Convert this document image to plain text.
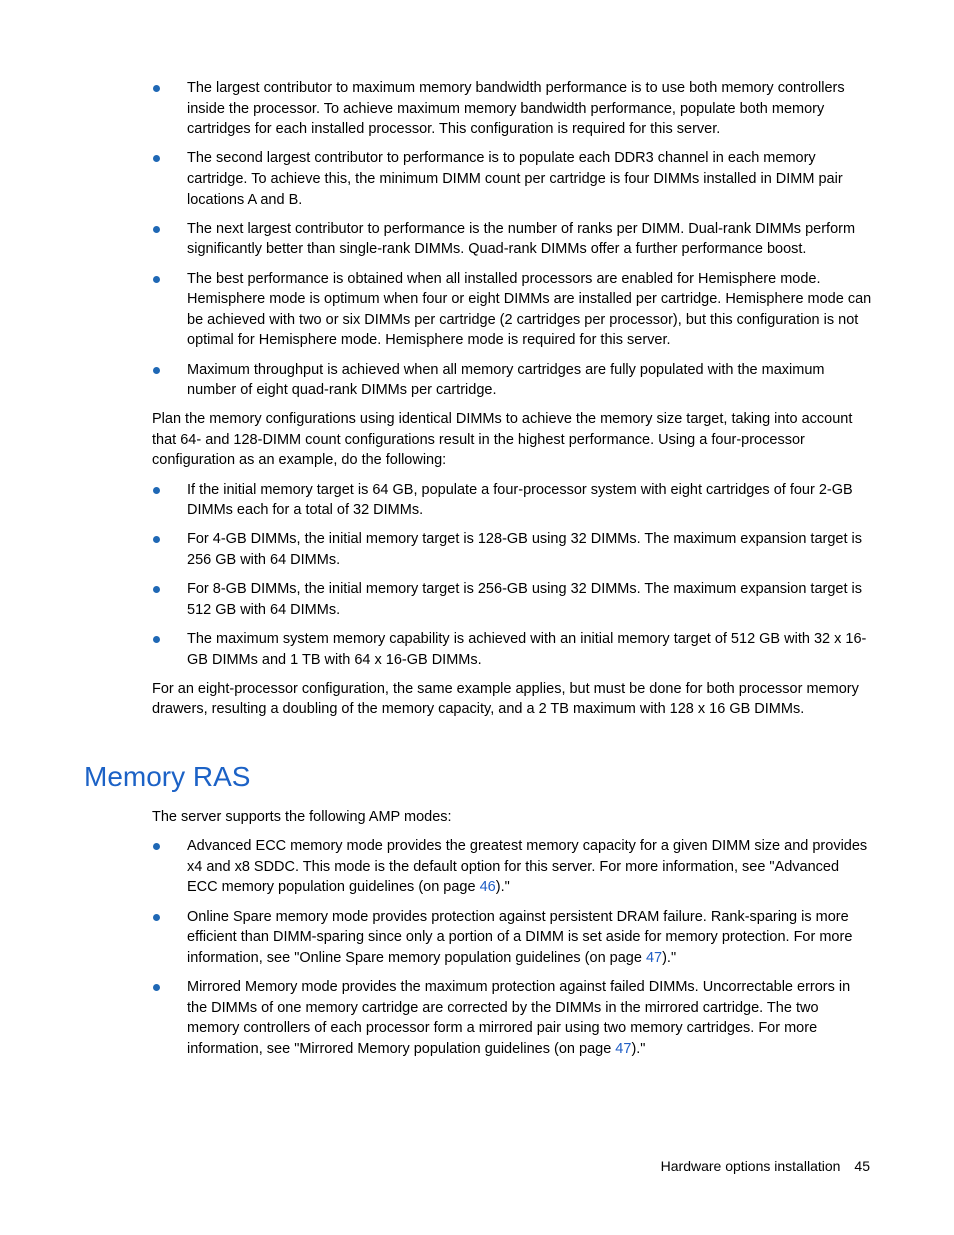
The largest contributor to maximum memory bandwidth performance is to use both memory controllers inside the processor. To achieve maximum memory bandwidth performance, populate both memory cartridges for each installed processor. This configuration is required for this server.
The second largest contributor to performance is to populate each DDR3 channel in each memory cartridge. To achieve this, the minimum DIMM count per cartridge is four DIMMs installed in DIMM pair locations A and B.
The next largest contributor to performance is the number of ranks per DIMM. Dual-rank DIMMs perform significantly better than single-rank DIMMs. Quad-rank DIMMs offer a further performance boost.
The best performance is obtained when all installed processors are enabled for Hemisphere mode. Hemisphere mode is optimum when four or eight DIMMs are installed per cartridge. Hemisphere mode can be achieved with two or six DIMMs per cartridge (2 cartridges per processor), but this configuration is not optimal for Hemisphere mode. Hemisphere mode is required for this server.
Maximum throughput is achieved when all memory cartridges are fully populated with the maximum number of eight quad-rank DIMMs per cartridge.

Plan the memory configurations using identical DIMMs to achieve the memory size target, taking into account that 64- and 128-DIMM count configurations result in the highest performance. Using a four-processor configuration as an example, do the following:

If the initial memory target is 64 GB, populate a four-processor system with eight cartridges of four 2-GB DIMMs each for a total of 32 DIMMs.
For 4-GB DIMMs, the initial memory target is 128-GB using 32 DIMMs. The maximum expansion target is 256 GB with 64 DIMMs.
For 8-GB DIMMs, the initial memory target is 256-GB using 32 DIMMs. The maximum expansion target is 512 GB with 64 DIMMs.
The maximum system memory capability is achieved with an initial memory target of 512 GB with 32 x 16-GB DIMMs and 1 TB with 64 x 16-GB DIMMs.

For an eight-processor configuration, the same example applies, but must be done for both processor memory drawers, resulting a doubling of the memory capacity, and a 2 TB maximum with 128 x 16 GB DIMMs.

Memory RAS

The server supports the following AMP modes:

Advanced ECC memory mode provides the greatest memory capacity for a given DIMM size and provides x4 and x8 SDDC. This mode is the default option for this server. For more information, see "Advanced ECC memory population guidelines (on page 46)."
Online Spare memory mode provides protection against persistent DRAM failure. Rank-sparing is more efficient than DIMM-sparing since only a portion of a DIMM is set aside for memory protection. For more information, see "Online Spare memory population guidelines (on page 47)."
Mirrored Memory mode provides the maximum protection against failed DIMMs. Uncorrectable errors in the DIMMs of one memory cartridge are corrected by the DIMMs in the mirrored cartridge. The two memory controllers of each processor form a mirrored pair using two memory cartridges. For more information, see "Mirrored Memory population guidelines (on page 47)."
Hardware options installation 45
